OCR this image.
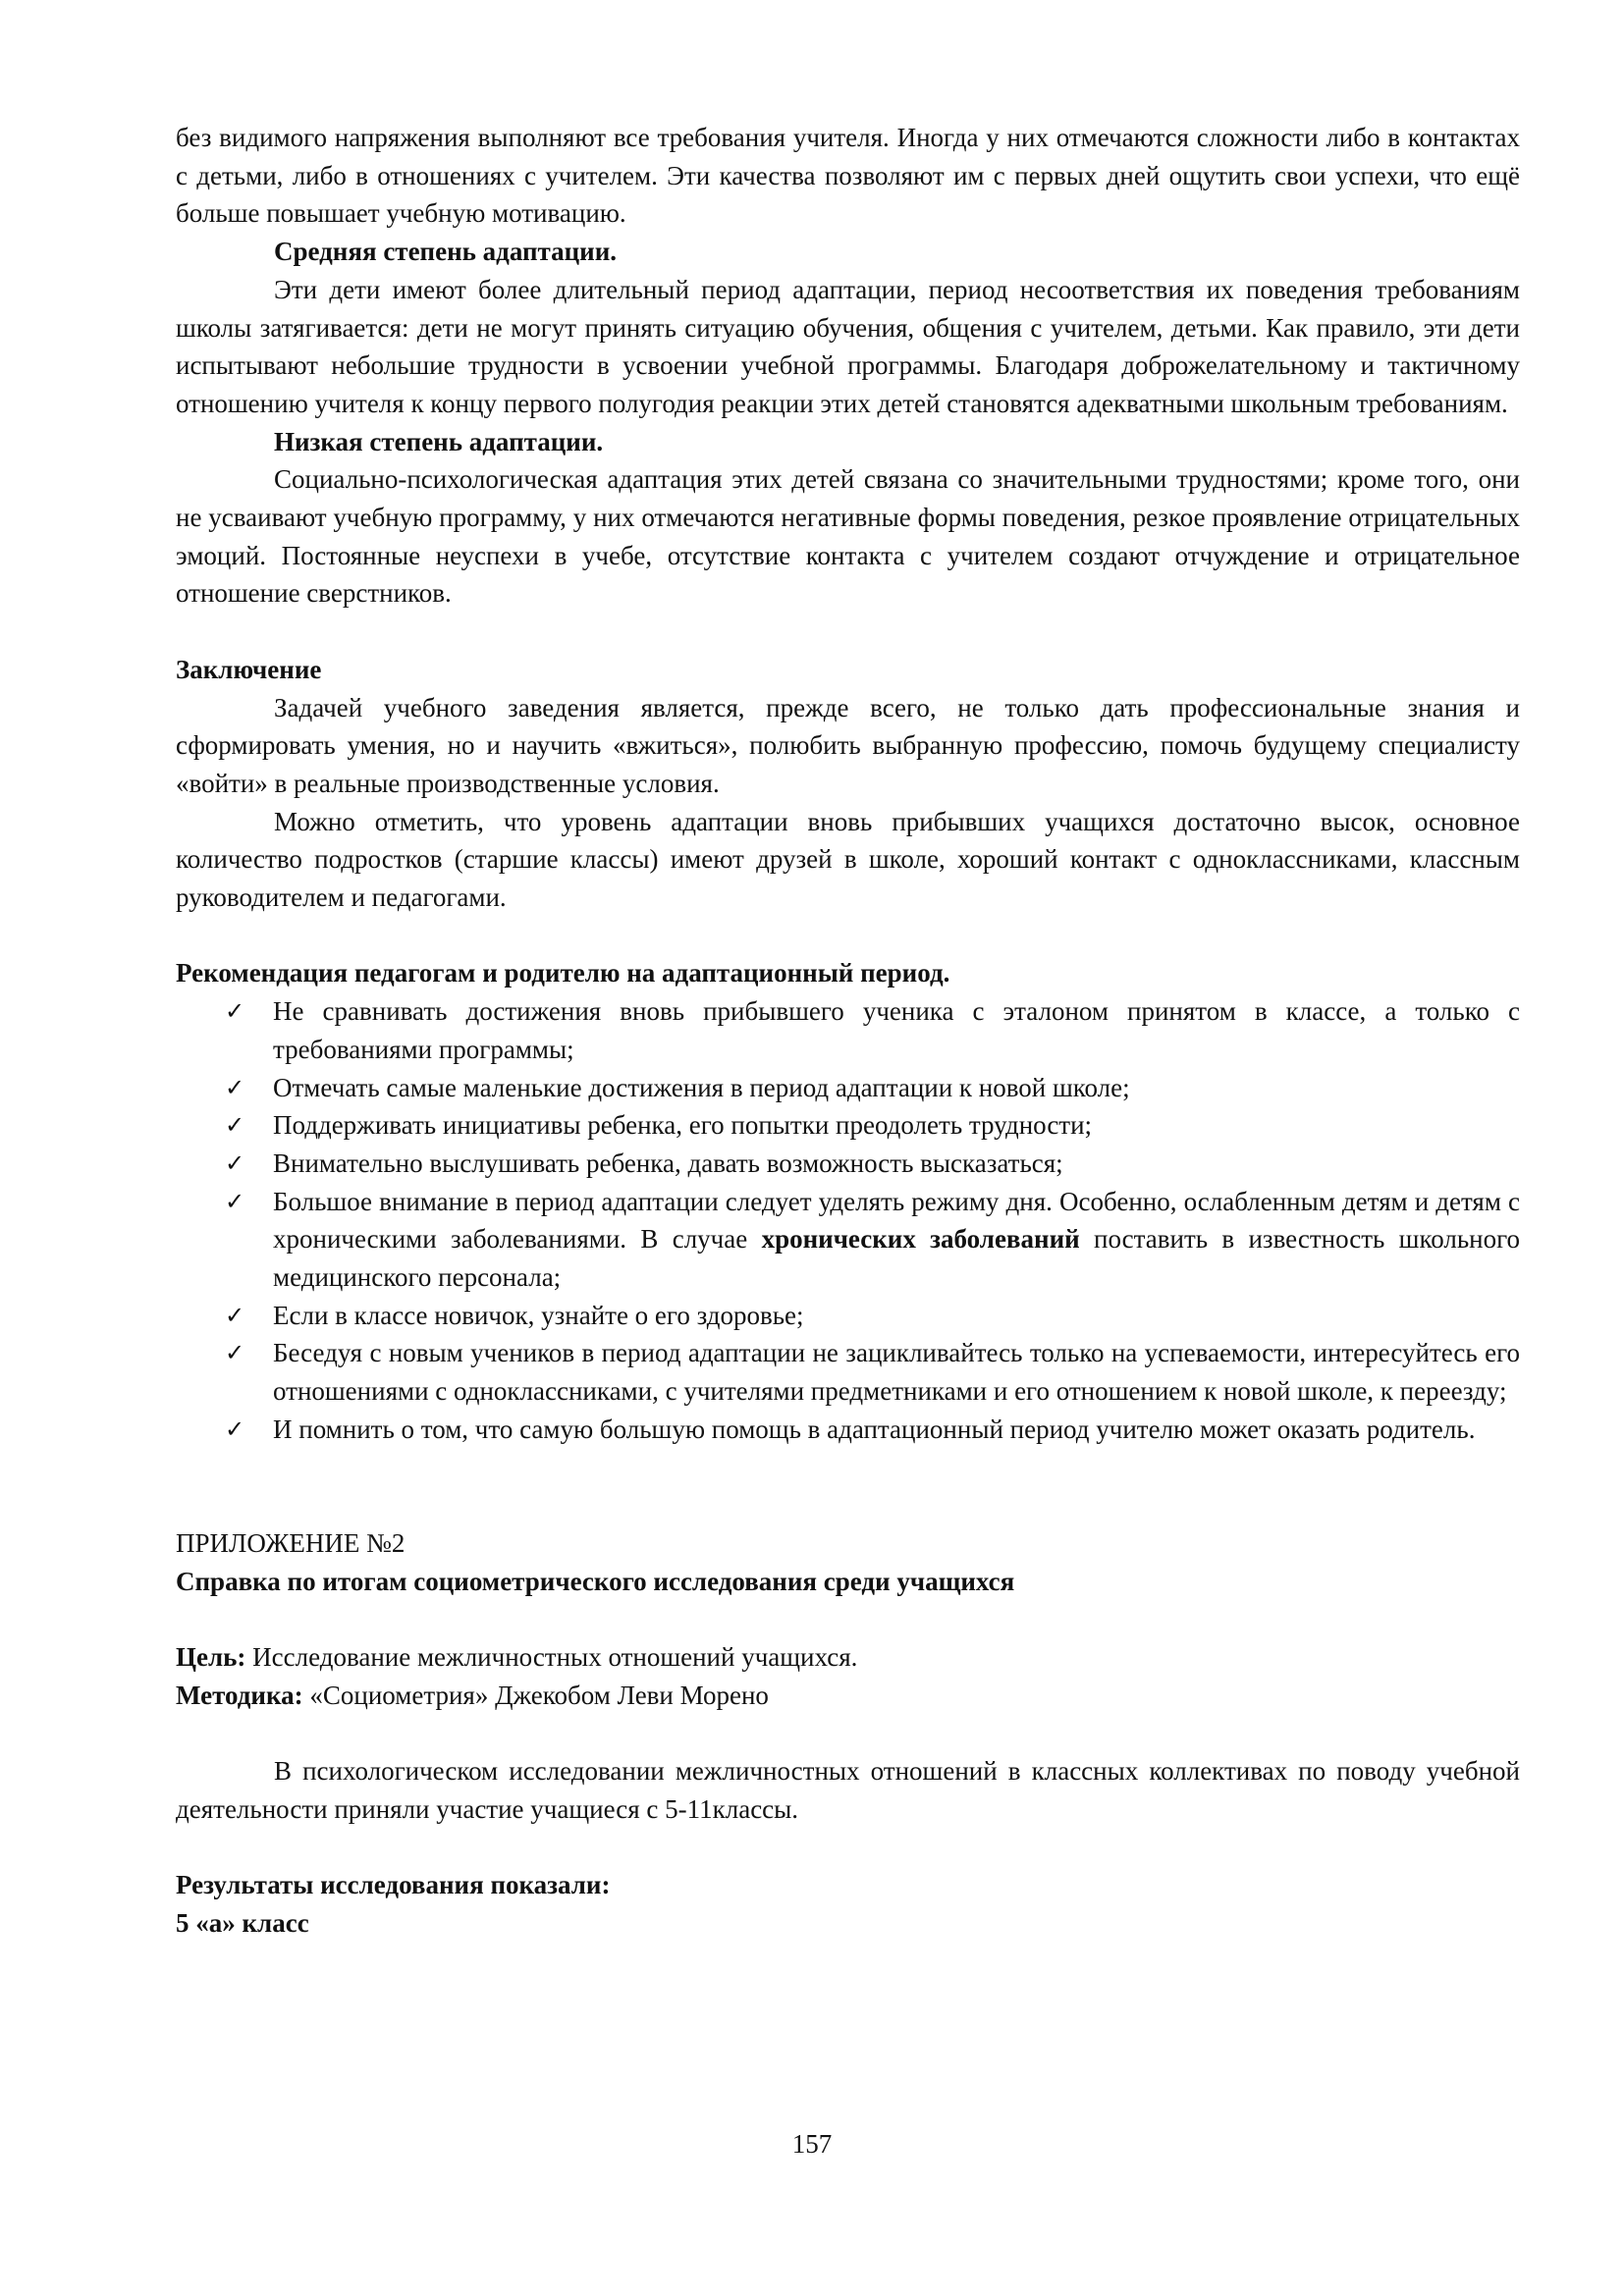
без видимого напряжения выполняют все требования учителя. Иногда у них отмечаются сложности либо в контактах с детьми, либо в отношениях с учителем. Эти качества позволяют им с первых дней ощутить свои успехи, что ещё больше повышает учебную мотивацию.

Средняя степень адаптации.

Эти дети имеют более длительный период адаптации, период несоответствия их поведения требованиям школы затягивается: дети не могут принять ситуацию обучения, общения с учителем, детьми. Как правило, эти дети испытывают небольшие трудности в усвоении учебной программы. Благодаря доброжелательному и тактичному отношению учителя к концу первого полугодия реакции этих детей становятся адекватными школьным требованиям.

Низкая степень адаптации.

Социально-психологическая адаптация этих детей связана со значительными трудностями; кроме того, они не усваивают учебную программу, у них отмечаются негативные формы поведения, резкое проявление отрицательных эмоций. Постоянные неуспехи в учебе, отсутствие контакта с учителем создают отчуждение и отрицательное отношение сверстников.

Заключение

Задачей учебного заведения является, прежде всего, не только дать профессиональные знания и сформировать умения, но и научить «вжиться», полюбить выбранную профессию, помочь будущему специалисту «войти» в реальные производственные условия.

Можно отметить, что уровень адаптации вновь прибывших учащихся достаточно высок, основное количество подростков (старшие классы) имеют друзей в школе, хороший контакт с одноклассниками, классным руководителем и педагогами.

Рекомендация педагогам и родителю на адаптационный период.

✓ Не сравнивать достижения вновь прибывшего ученика с эталоном принятом в классе, а только с требованиями программы;
✓ Отмечать самые маленькие достижения в период адаптации к новой школе;
✓ Поддерживать инициативы ребенка, его попытки преодолеть трудности;
✓ Внимательно выслушивать ребенка, давать возможность высказаться;
✓ Большое внимание в период адаптации следует уделять режиму дня. Особенно, ослабленным детям и детям с хроническими заболеваниями. В случае хронических заболеваний поставить в известность школьного медицинского персонала;
✓ Если в классе новичок, узнайте о его здоровье;
✓ Беседуя с новым учеников в период адаптации не зацикливайтесь только на успеваемости, интересуйтесь его отношениями с одноклассниками, с учителями предметниками и его отношением к новой школе, к переезду;
✓ И помнить о том, что самую большую помощь в адаптационный период учителю может оказать родитель.

ПРИЛОЖЕНИЕ №2

Справка по итогам социометрического исследования среди учащихся

Цель: Исследование межличностных отношений учащихся.

Методика: «Социометрия» Джекобом Леви Морено

В психологическом исследовании межличностных отношений в классных коллективах по поводу учебной деятельности приняли участие учащиеся с 5-11классы.

Результаты исследования показали:

5 «а» класс

157
